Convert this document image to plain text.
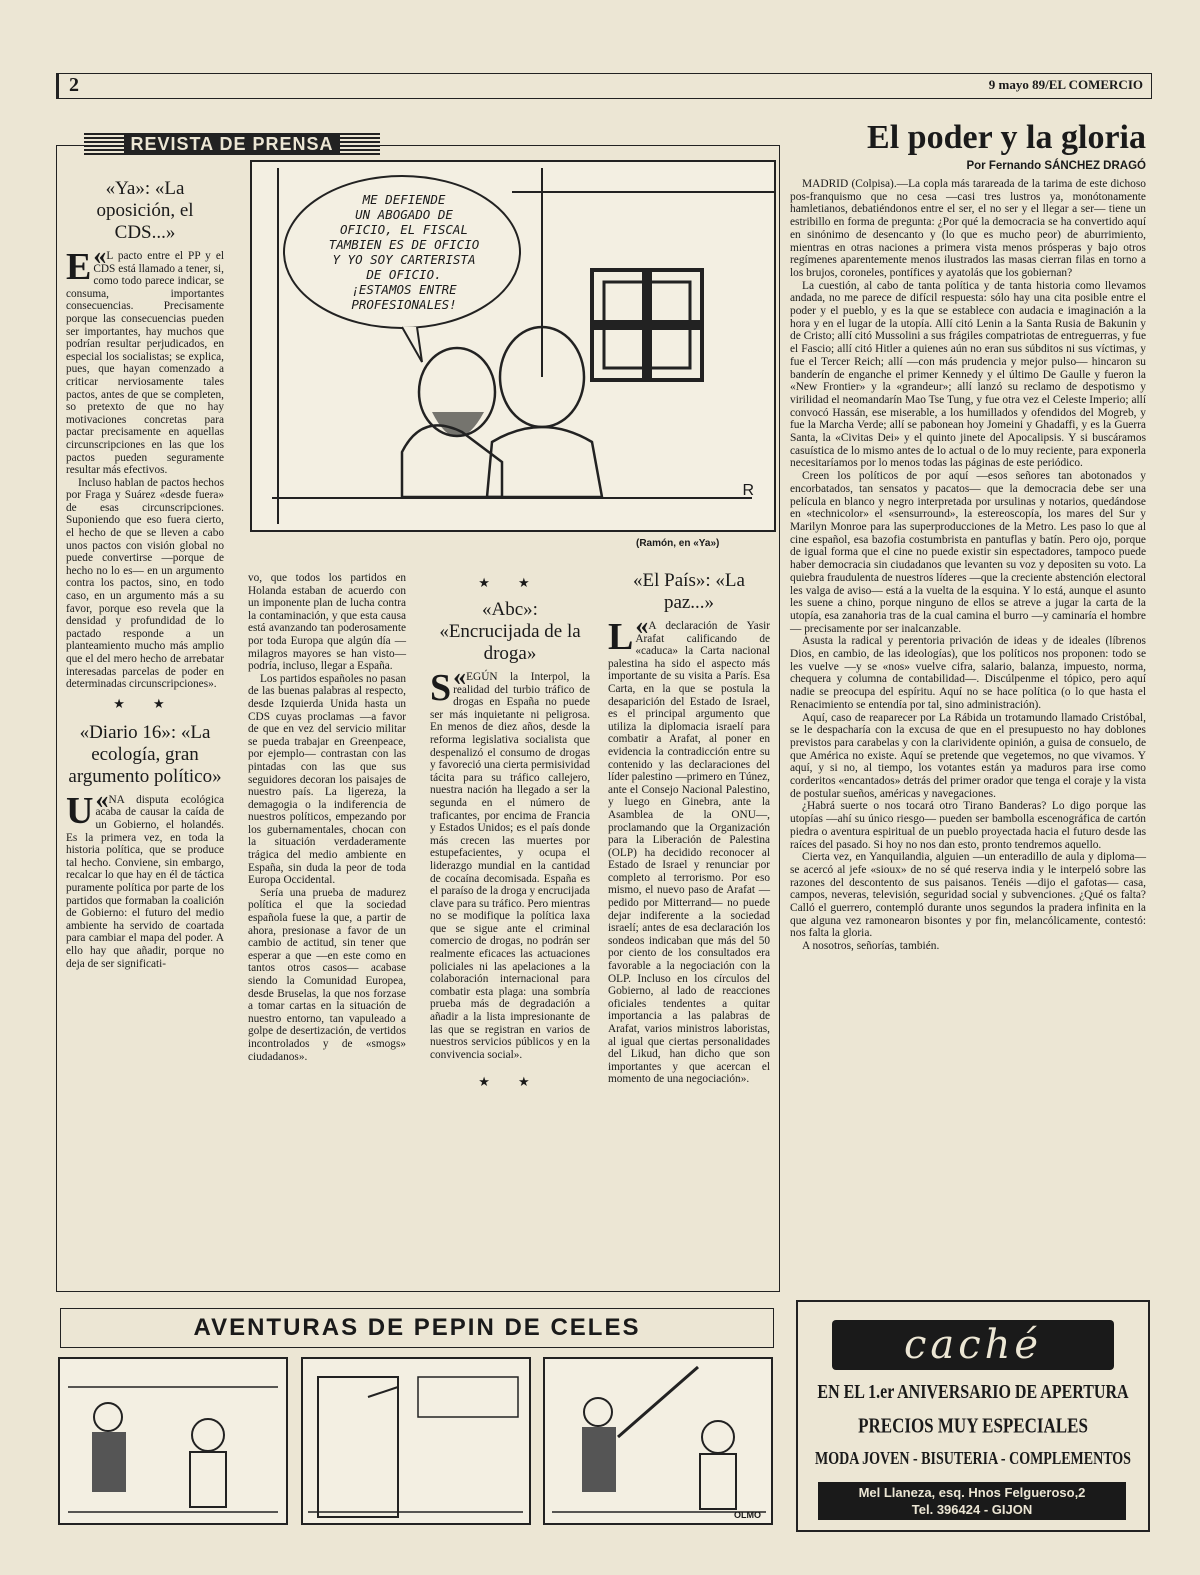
2	9 mayo 89/EL COMERCIO
REVISTA DE PRENSA
«Ya»: «La oposición, el CDS...»

«
E L pacto entre el PP y el CDS está llamado a tener, si, como todo parece indicar, se consuma, importantes consecuencias. Precisamente porque las consecuencias pueden ser importantes, hay muchos que podrían resultar perjudicados, en especial los socialistas; se explica, pues, que hayan comenzado a criticar nerviosamente tales pactos, antes de que se completen, so pretexto de que no hay motivaciones concretas para pactar precisamente en aquellas circunscripciones en las que los pactos pueden seguramente resultar más efectivos.

Incluso hablan de pactos hechos por Fraga y Suárez «desde fuera» de esas circunscripciones. Suponiendo que eso fuera cierto, el hecho de que se lleven a cabo unos pactos con visión global no puede convertirse —porque de hecho no lo es— en un argumento contra los pactos, sino, en todo caso, en un argumento más a su favor, porque eso revela que la densidad y profundidad de lo pactado responde a un planteamiento mucho más amplio que el del mero hecho de arrebatar interesadas parcelas de poder en determinadas circunscripciones».

★ ★
«Diario 16»: «La ecología, gran argumento político»

«
U NA disputa ecológica acaba de causar la caída de un Gobierno, el holandés. Es la primera vez, en toda la historia política, que se produce tal hecho. Conviene, sin embargo, recalcar lo que hay en él de táctica puramente política por parte de los partidos que formaban la coalición de Gobierno: el futuro del medio ambiente ha servido de coartada para cambiar el mapa del poder. A ello hay que añadir, porque no deja de ser significati-

ME DEFIENDE
UN ABOGADO DE
OFICIO, EL FISCAL
TAMBIEN ES DE OFICIO
Y YO SOY CARTERISTA
DE OFICIO.
¡ESTAMOS ENTRE
PROFESIONALES!
R
(Ramón, en «Ya»)

vo, que todos los partidos en Holanda estaban de acuerdo con un imponente plan de lucha contra la contaminación, y que esta causa está avanzando tan poderosamente por toda Europa que algún día —milagros mayores se han visto— podría, incluso, llegar a España.

Los partidos españoles no pasan de las buenas palabras al respecto, desde Izquierda Unida hasta un CDS cuyas proclamas —a favor de que en vez del servicio militar se pueda trabajar en Greenpeace, por ejemplo— contrastan con las pintadas con las que sus seguidores decoran los paisajes de nuestro país. La ligereza, la demagogia o la indiferencia de nuestros políticos, empezando por los gubernamentales, chocan con la situación verdaderamente trágica del medio ambiente en España, sin duda la peor de toda Europa Occidental.

Sería una prueba de madurez política el que la sociedad española fuese la que, a partir de ahora, presionase a favor de un cambio de actitud, sin tener que esperar a que —en este como en tantos otros casos— acabase siendo la Comunidad Europea, desde Bruselas, la que nos forzase a tomar cartas en la situación de nuestro entorno, tan vapuleado a golpe de desertización, de vertidos incontrolados y de «smogs» ciudadanos».

★ ★
«Abc»: «Encrucijada de la droga»

«
S EGÚN la Interpol, la realidad del turbio tráfico de drogas en España no puede ser más inquietante ni peligrosa. En menos de diez años, desde la reforma legislativa socialista que despenalizó el consumo de drogas y favoreció una cierta permisividad tácita para su tráfico callejero, nuestra nación ha llegado a ser la segunda en el número de traficantes, por encima de Francia y Estados Unidos; es el país donde más crecen las muertes por estupefacientes, y ocupa el liderazgo mundial en la cantidad de cocaína decomisada. España es el paraíso de la droga y encrucijada clave para su tráfico. Pero mientras no se modifique la política laxa que se sigue ante el criminal comercio de drogas, no podrán ser realmente eficaces las actuaciones policiales ni las apelaciones a la colaboración internacional para combatir esta plaga: una sombría prueba más de degradación a añadir a la lista impresionante de las que se registran en varios de nuestros servicios públicos y en la convivencia social».

★ ★
«El País»: «La paz...»

«
L A declaración de Yasir Arafat calificando de «caduca» la Carta nacional palestina ha sido el aspecto más importante de su visita a París. Esa Carta, en la que se postula la desaparición del Estado de Israel, es el principal argumento que utiliza la diplomacia israelí para combatir a Arafat, al poner en evidencia la contradicción entre su contenido y las declaraciones del líder palestino —primero en Túnez, ante el Consejo Nacional Palestino, y luego en Ginebra, ante la Asamblea de la ONU—, proclamando que la Organización para la Liberación de Palestina (OLP) ha decidido reconocer al Estado de Israel y renunciar por completo al terrorismo. Por eso mismo, el nuevo paso de Arafat —pedido por Mitterrand— no puede dejar indiferente a la sociedad israelí; antes de esa declaración los sondeos indicaban que más del 50 por ciento de los consultados era favorable a la negociación con la OLP. Incluso en los círculos del Gobierno, al lado de reacciones oficiales tendentes a quitar importancia a las palabras de Arafat, varios ministros laboristas, al igual que ciertas personalidades del Likud, han dicho que son importantes y que acercan el momento de una negociación».

El poder y la gloria
Por Fernando SÁNCHEZ DRAGÓ

MADRID (Colpisa).—La copla más tarareada de la tarima de este dichoso pos-franquismo que no cesa —casi tres lustros ya, monótonamente hamletianos, debatiéndonos entre el ser, el no ser y el llegar a ser— tiene un estribillo en forma de pregunta: ¿Por qué la democracia se ha convertido aquí en sinónimo de desencanto y (lo que es mucho peor) de aburrimiento, mientras en otras naciones a primera vista menos prósperas y bajo otros regímenes aparentemente menos ilustrados las masas cierran filas en torno a los brujos, coroneles, pontífices y ayatolás que los gobiernan?

La cuestión, al cabo de tanta política y de tanta historia como llevamos andada, no me parece de difícil respuesta: sólo hay una cita posible entre el poder y el pueblo, y es la que se establece con audacia e imaginación a la hora y en el lugar de la utopía. Allí citó Lenin a la Santa Rusia de Bakunin y de Cristo; allí citó Mussolini a sus frágiles compatriotas de entreguerras, y fue el Fascio; allí citó Hitler a quienes aún no eran sus súbditos ni sus víctimas, y fue el Tercer Reich; allí —con más prudencia y mejor pulso— hincaron su banderín de enganche el primer Kennedy y el último De Gaulle y fueron la «New Frontier» y la «grandeur»; allí lanzó su reclamo de despotismo y virilidad el neomandarín Mao Tse Tung, y fue otra vez el Celeste Imperio; allí convocó Hassán, ese miserable, a los humillados y ofendidos del Mogreb, y fue la Marcha Verde; allí se pabonean hoy Jomeini y Ghadaffi, y es la Guerra Santa, la «Civitas Dei» y el quinto jinete del Apocalipsis. Y si buscáramos casuística de lo mismo antes de lo actual o de lo muy reciente, para exponerla necesitaríamos por lo menos todas las páginas de este periódico.

Creen los políticos de por aquí —esos señores tan abotonados y encorbatados, tan sensatos y pacatos— que la democracia debe ser una película en blanco y negro interpretada por ursulinas y notarios, quedándose en «technicolor» el «sensurround», la estereoscopía, los mares del Sur y Marilyn Monroe para las superproducciones de la Metro. Les paso lo que al cine español, esa bazofia costumbrista en pantuflas y batín. Pero ojo, porque de igual forma que el cine no puede existir sin espectadores, tampoco puede haber democracia sin ciudadanos que levanten su voz y depositen su voto. La quiebra fraudulenta de nuestros líderes —que la creciente abstención electoral les valga de aviso— está a la vuelta de la esquina. Y lo está, aunque el asunto les suene a chino, porque ninguno de ellos se atreve a jugar la carta de la utopía, esa zanahoria tras de la cual camina el burro —y caminaría el hombre— precisamente por ser inalcanzable.

Asusta la radical y perentoria privación de ideas y de ideales (líbrenos Dios, en cambio, de las ideologías), que los políticos nos proponen: todo se les vuelve —y se «nos» vuelve cifra, salario, balanza, impuesto, norma, chequera y columna de contabilidad—. Discúlpenme el tópico, pero aquí nadie se preocupa del espíritu. Aquí no se hace política (o lo que hasta el Renacimiento se entendía por tal, sino administración).

Aquí, caso de reaparecer por La Rábida un trotamundo llamado Cristóbal, se le despacharía con la excusa de que en el presupuesto no hay doblones previstos para carabelas y con la clarividente opinión, a guisa de consuelo, de que América no existe. Aquí se pretende que vegetemos, no que vivamos. Y aquí, y si no, al tiempo, los votantes están ya maduros para irse como corderitos «encantados» detrás del primer orador que tenga el coraje y la vista de postular sueños, américas y navegaciones.

¿Habrá suerte o nos tocará otro Tirano Banderas? Lo digo porque las utopías —ahí su único riesgo— pueden ser bambolla escenográfica de cartón piedra o aventura espiritual de un pueblo proyectada hacia el futuro desde las raíces del pasado. Si hoy no nos dan esto, pronto tendremos aquello.

Cierta vez, en Yanquilandia, alguien —un enteradillo de aula y diploma— se acercó al jefe «sioux» de no sé qué reserva india y le interpeló sobre las razones del descontento de sus paisanos. Tenéis —dijo el gafotas— casa, campos, neveras, televisión, seguridad social y subvenciones. ¿Qué os falta? Calló el guerrero, contempló durante unos segundos la pradera infinita en la que alguna vez ramonearon bisontes y por fin, melancólicamente, contestó: nos falta la gloria.

A nosotros, señorías, también.

AVENTURAS DE PEPIN DE CELES
OLMO
caché
EN EL 1.er ANIVERSARIO DE APERTURA
PRECIOS MUY ESPECIALES
MODA JOVEN - BISUTERIA - COMPLEMENTOS
Mel Llaneza, esq. Hnos Felgueroso,2
Tel. 396424 - GIJON
